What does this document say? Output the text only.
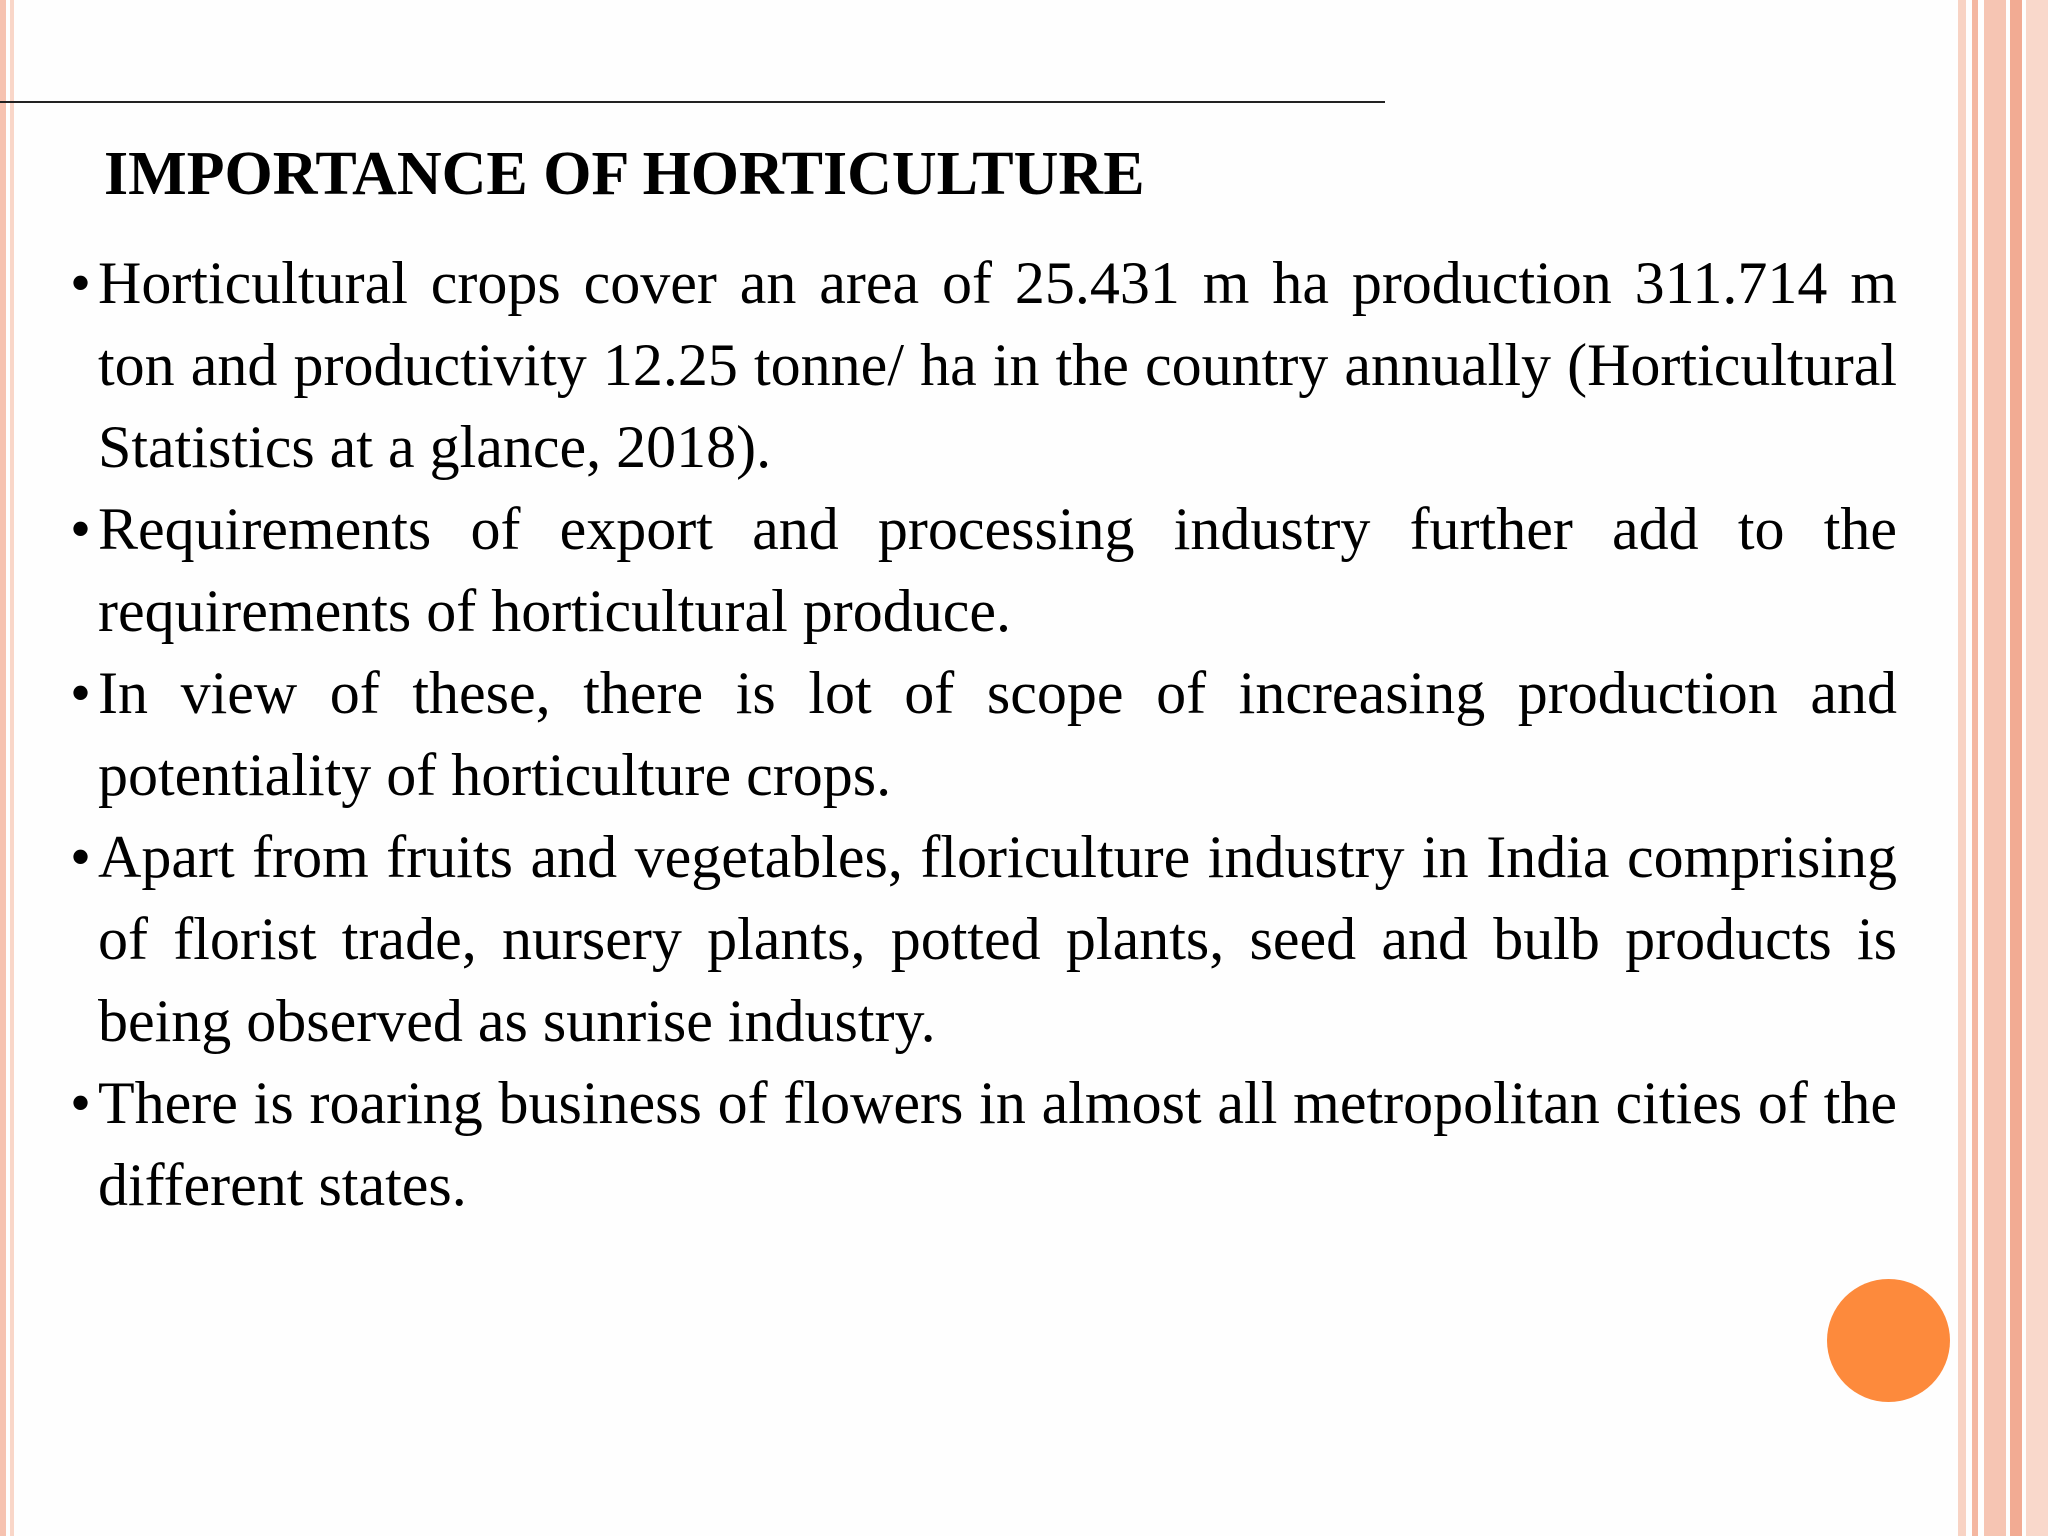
IMPORTANCE OF HORTICULTURE
• Horticultural crops cover an area of 25.431 m ha production 311.714 m ton and productivity 12.25 tonne/ ha in the country annually (Horticultural Statistics at a glance, 2018).
• Requirements of export and processing industry further add to the requirements of horticultural produce.
• In view of these, there is lot of scope of increasing production and potentiality of horticulture crops.
• Apart from fruits and vegetables, floriculture industry in India comprising of florist trade, nursery plants, potted plants, seed and bulb products is being observed as sunrise industry.
• There is roaring business of flowers in almost all metropolitan cities of the different states.
